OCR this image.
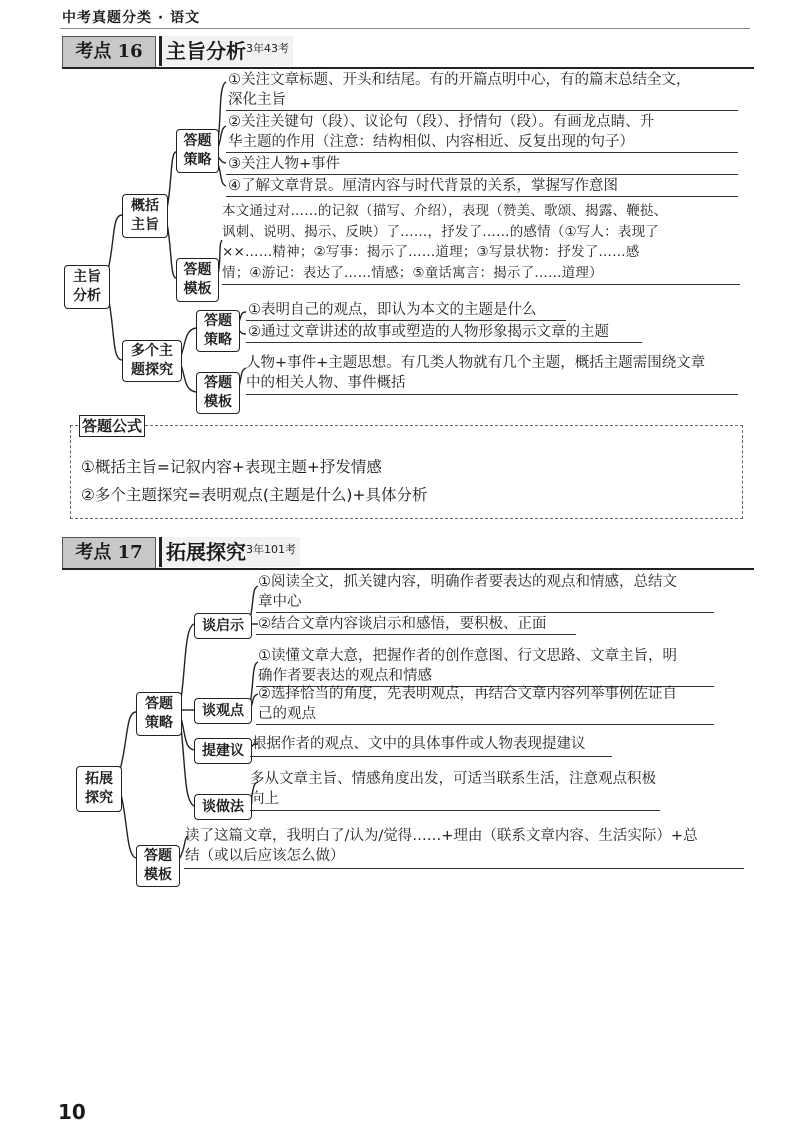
中考真题分类 · 语文
考点 16	主旨分析$^{3年43考}$
主旨
分析
概括
主旨
答题
策略
①关注文章标题、开头和结尾。有的开篇点明中心，有的篇末总结全文，
深化主旨
②关注关键句（段）、议论句（段）、抒情句（段）。有画龙点睛、升
华主题的作用（注意：结构相似、内容相近、反复出现的句子）
③关注人物+事件
④了解文章背景。厘清内容与时代背景的关系，掌握写作意图
答题
模板
本文通过对……的记叙（描写、介绍），表现（赞美、歌颂、揭露、鞭挞、
讽刺、说明、揭示、反映）了……，抒发了……的感情（①写人：表现了
××……精神；②写事：揭示了……道理；③写景状物：抒发了……感
情；④游记：表达了……情感；⑤童话寓言：揭示了……道理）
多个主
题探究
答题
策略
①表明自己的观点，即认为本文的主题是什么
②通过文章讲述的故事或塑造的人物形象揭示文章的主题
答题
模板
人物+事件+主题思想。有几类人物就有几个主题，概括主题需围绕文章
中的相关人物、事件概括
答题公式
①概括主旨=记叙内容+表现主题+抒发情感
②多个主题探究=表明观点(主题是什么)+具体分析
考点 17	拓展探究$^{3年101考}$
拓展
探究
答题
策略
谈启示
①阅读全文，抓关键内容，明确作者要表达的观点和情感，总结文
章中心
②结合文章内容谈启示和感悟，要积极、正面
谈观点
①读懂文章大意，把握作者的创作意图、行文思路、文章主旨，明
确作者要表达的观点和情感
②选择恰当的角度，先表明观点，再结合文章内容列举事例佐证自
己的观点
提建议 根据作者的观点、文中的具体事件或人物表现提建议
谈做法
多从文章主旨、情感角度出发，可适当联系生活，注意观点积极
向上
答题
模板
读了这篇文章，我明白了/认为/觉得……+理由（联系文章内容、生活实际）+总
结（或以后应该怎么做）
10
